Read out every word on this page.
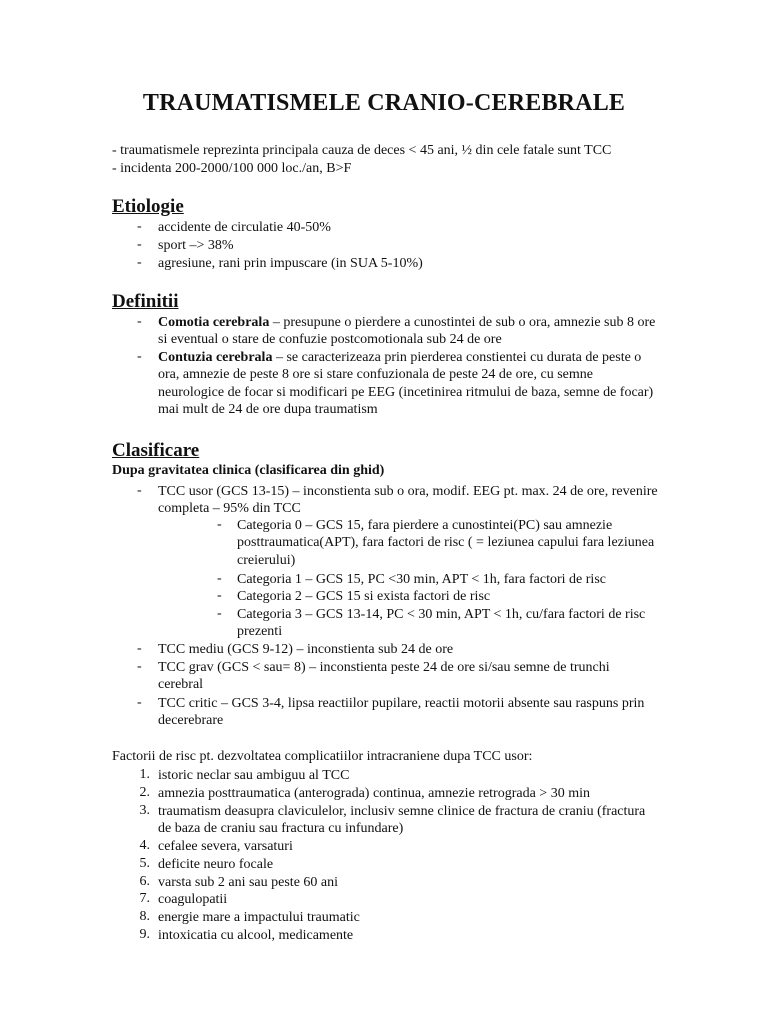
TRAUMATISMELE CRANIO-CEREBRALE
- traumatismele reprezinta principala cauza de deces < 45 ani, ½ din cele fatale sunt TCC
- incidenta 200-2000/100 000 loc./an, B>F
Etiologie
- accidente de circulatie 40-50%
- sport –> 38%
- agresiune, rani prin impuscare (in SUA 5-10%)
Definitii
- Comotia cerebrala – presupune o pierdere a cunostintei de sub o ora, amnezie sub 8 ore si eventual o stare de confuzie postcomotionala sub 24 de ore
- Contuzia cerebrala – se caracterizeaza prin pierderea constientei cu durata de peste o ora, amnezie de peste 8 ore si stare confuzionala de peste 24 de ore, cu semne neurologice de focar si modificari pe EEG (incetinirea ritmului de baza, semne de focar) mai mult de 24 de ore dupa traumatism
Clasificare
Dupa gravitatea clinica (clasificarea din ghid)
- TCC usor (GCS 13-15) – inconstienta sub o ora, modif. EEG pt. max. 24 de ore, revenire completa – 95% din TCC
- Categoria 0 – GCS 15, fara pierdere a cunostintei(PC) sau amnezie posttraumatica(APT), fara factori de risc ( = leziunea capului fara leziunea creierului)
- Categoria 1 – GCS 15, PC <30 min, APT < 1h, fara factori de risc
- Categoria 2 – GCS 15 si exista factori de risc
- Categoria 3 – GCS 13-14, PC < 30 min, APT < 1h, cu/fara factori de risc prezenti
- TCC mediu (GCS 9-12) – inconstienta sub 24 de ore
- TCC grav (GCS < sau= 8) – inconstienta peste 24 de ore si/sau semne de trunchi cerebral
- TCC critic – GCS 3-4, lipsa reactiilor pupilare, reactii motorii absente sau raspuns prin decerebrare
Factorii de risc pt. dezvoltatea complicatiilor intracraniene dupa TCC usor:
1. istoric neclar sau ambiguu al TCC
2. amnezia posttraumatica (anterograda) continua, amnezie retrograda > 30 min
3. traumatism deasupra claviculelor, inclusiv semne clinice de fractura de craniu (fractura de baza de craniu sau fractura cu infundare)
4. cefalee severa, varsaturi
5. deficite neuro focale
6. varsta sub 2 ani sau peste 60 ani
7. coagulopatii
8. energie mare a impactului traumatic
9. intoxicatia cu alcool, medicamente
